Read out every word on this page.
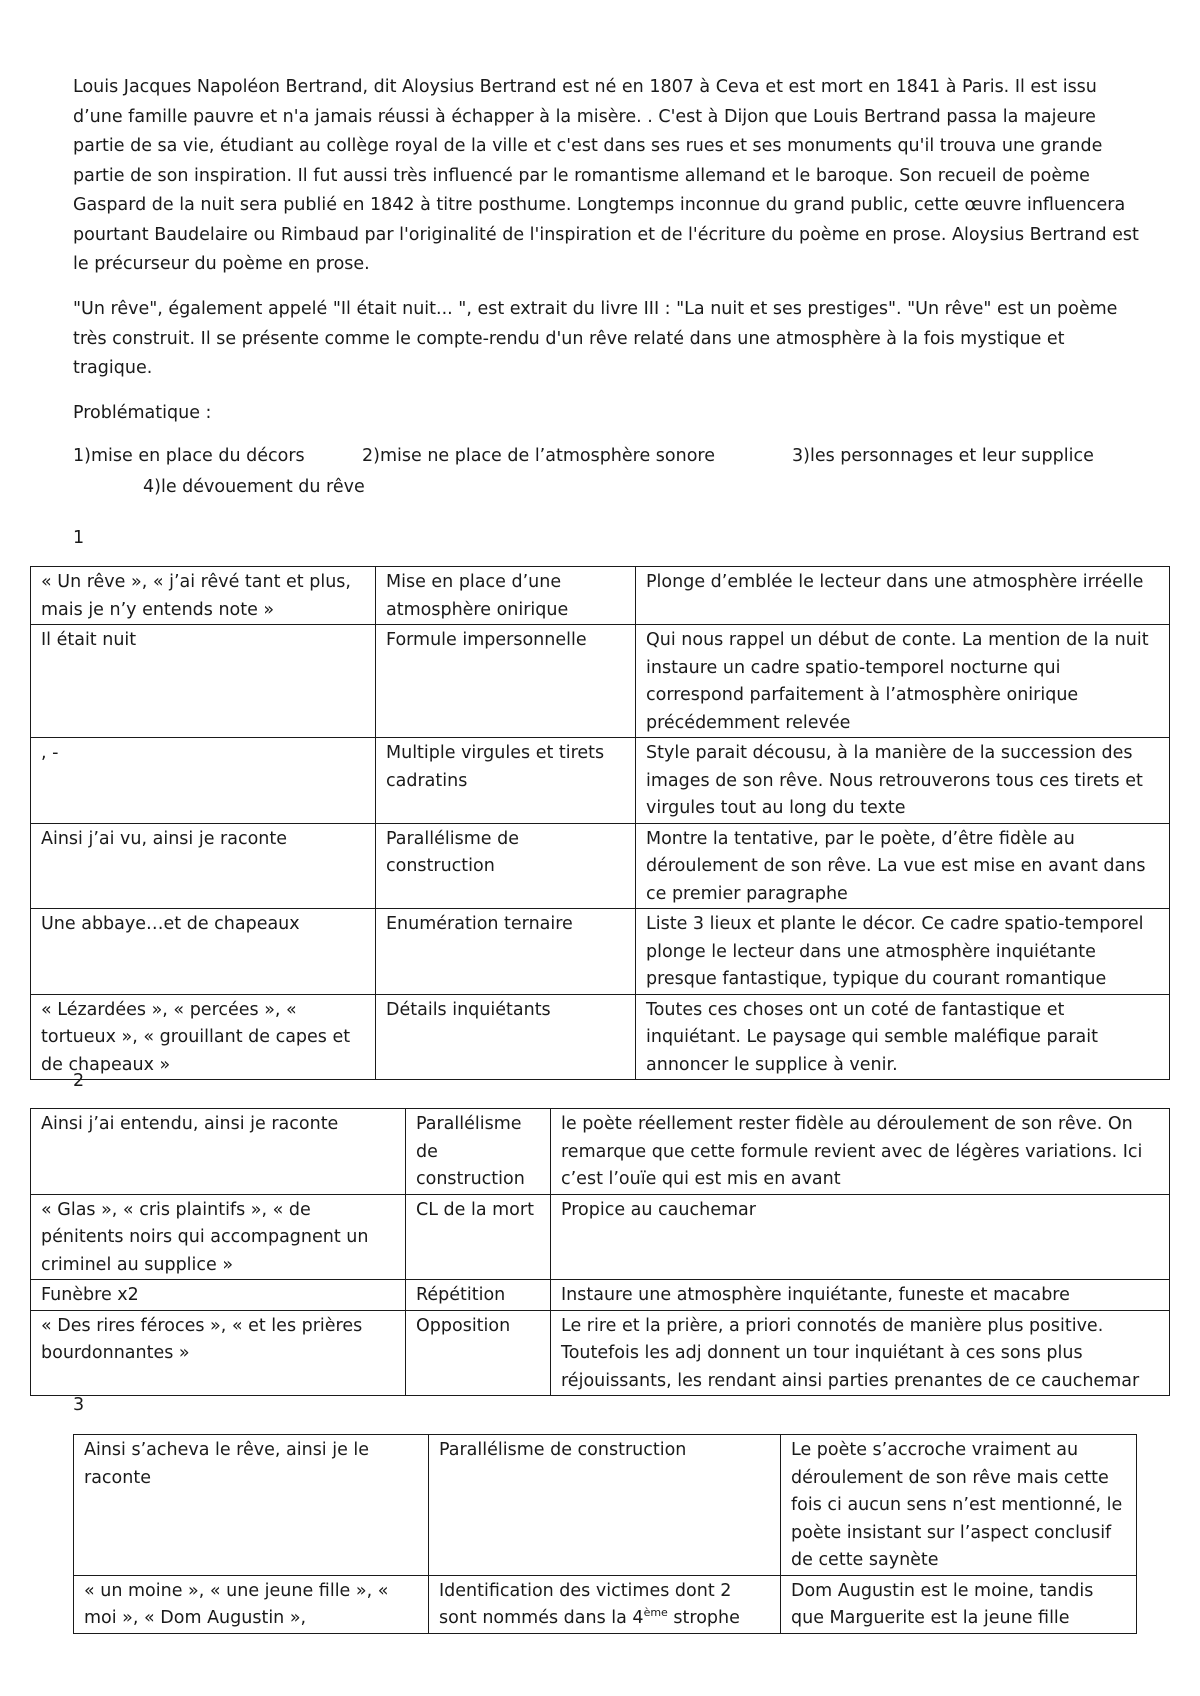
Louis Jacques Napoléon Bertrand, dit Aloysius Bertrand est né en 1807 à Ceva et est mort en 1841 à Paris. Il est issu d’une famille pauvre et n'a jamais réussi à échapper à la misère. . C'est à Dijon que Louis Bertrand passa la majeure partie de sa vie, étudiant au collège royal de la ville et c'est dans ses rues et ses monuments qu'il trouva une grande partie de son inspiration. Il fut aussi très influencé par le romantisme allemand et le baroque. Son recueil de poème Gaspard de la nuit sera publié en 1842 à titre posthume. Longtemps inconnue du grand public, cette œuvre influencera pourtant Baudelaire ou Rimbaud par l'originalité de l'inspiration et de l'écriture du poème en prose. Aloysius Bertrand est le précurseur du poème en prose.
"Un rêve", également appelé "Il était nuit... ", est extrait du livre III : "La nuit et ses prestiges". "Un rêve" est un poème très construit. Il se présente comme le compte-rendu d'un rêve relaté dans une atmosphère à la fois mystique et tragique.
Problématique :
1)mise en place du décors	2)mise ne place de l’atmosphère sonore	3)les personnages et leur supplice
4)le dévouement du rêve
1
« Un rêve », « j’ai rêvé tant et plus, mais je n’y entends note »	Mise en place d’une atmosphère onirique	Plonge d’emblée le lecteur dans une atmosphère irréelle
Il était nuit	Formule impersonnelle	Qui nous rappel un début de conte. La mention de la nuit instaure un cadre spatio-temporel nocturne qui correspond parfaitement à l’atmosphère onirique précédemment relevée
, -	Multiple virgules et tirets cadratins	Style parait décousu, à la manière de la succession des images de son rêve. Nous retrouverons tous ces tirets et virgules tout au long du texte
Ainsi j’ai vu, ainsi je raconte	Parallélisme de construction	Montre la tentative, par le poète, d’être fidèle au déroulement de son rêve. La vue est mise en avant dans ce premier paragraphe
Une abbaye…et de chapeaux	Enumération ternaire	Liste 3 lieux et plante le décor. Ce cadre spatio-temporel plonge le lecteur dans une atmosphère inquiétante presque fantastique, typique du courant romantique
« Lézardées », « percées », « tortueux », « grouillant de capes et de chapeaux »	Détails inquiétants	Toutes ces choses ont un coté de fantastique et inquiétant. Le paysage qui semble maléfique parait annoncer le supplice à venir.
2
Ainsi j’ai entendu, ainsi je raconte	Parallélisme de construction	le poète réellement rester fidèle au déroulement de son rêve. On remarque que cette formule revient avec de légères variations. Ici c’est l’ouïe qui est mis en avant
« Glas », « cris plaintifs », « de pénitents noirs qui accompagnent un criminel au supplice »	CL de la mort	Propice au cauchemar
Funèbre x2	Répétition	Instaure une atmosphère inquiétante, funeste et macabre
« Des rires féroces », « et les prières bourdonnantes »	Opposition	Le rire et la prière, a priori connotés de manière plus positive. Toutefois les adj donnent un tour inquiétant à ces sons plus réjouissants, les rendant ainsi parties prenantes de ce cauchemar
3
Ainsi s’acheva le rêve, ainsi je le raconte	Parallélisme de construction	Le poète s’accroche vraiment au déroulement de son rêve mais cette fois ci aucun sens n’est mentionné, le poète insistant sur l’aspect conclusif de cette saynète
« un moine », « une jeune fille », « moi », « Dom Augustin »,	Identification des victimes dont 2 sont nommés dans la 4ème strophe	Dom Augustin est le moine, tandis que Marguerite est la jeune fille
